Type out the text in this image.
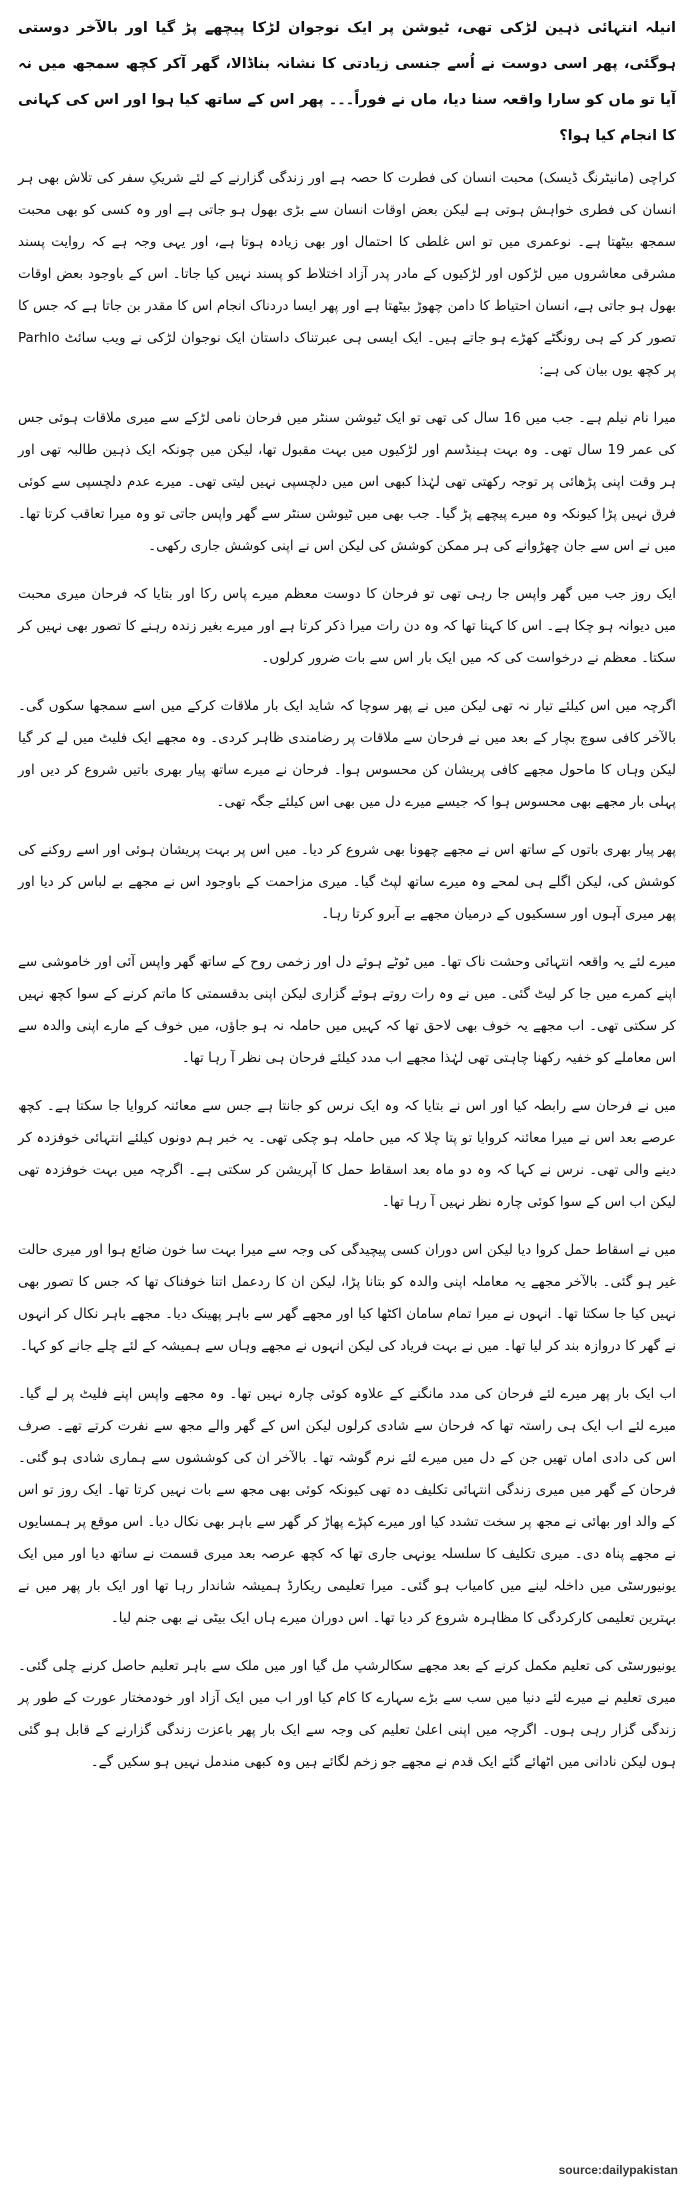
انیلہ انتہائی ذہین لڑکی تھی، ٹیوشن پر ایک نوجوان لڑکا پیچھے پڑ گیا اور بالآخر دوستی ہوگئی، پھر اسی دوست نے اُسے جنسی زیادتی کا نشانہ بناڈالا، گھر آکر کچھ سمجھ میں نہ آیا تو ماں کو سارا واقعہ سنا دیا، ماں نے فوراً۔۔۔ پھر اس کے ساتھ کیا ہوا اور اس کی کہانی کا انجام کیا ہوا؟

کراچی (مانیٹرنگ ڈیسک) محبت انسان کی فطرت کا حصہ ہے اور زندگی گزارنے کے لئے شریکِ سفر کی تلاش بھی ہر انسان کی فطری خواہش ہوتی ہے لیکن بعض اوقات انسان سے بڑی بھول ہو جاتی ہے اور وہ کسی کو بھی محبت سمجھ بیٹھتا ہے۔ نوعمری میں تو اس غلطی کا احتمال اور بھی زیادہ ہوتا ہے، اور یہی وجہ ہے کہ روایت پسند مشرقی معاشروں میں لڑکوں اور لڑکیوں کے مادر پدر آزاد اختلاط کو پسند نہیں کیا جاتا۔ اس کے باوجود بعض اوقات بھول ہو جاتی ہے، انسان احتیاط کا دامن چھوڑ بیٹھتا ہے اور پھر ایسا دردناک انجام اس کا مقدر بن جاتا ہے کہ جس کا تصور کر کے ہی رونگٹے کھڑے ہو جاتے ہیں۔ ایک ایسی ہی عبرتناک داستان ایک نوجوان لڑکی نے ویب سائٹ Parhlo پر کچھ یوں بیان کی ہے:

میرا نام نیلم ہے۔ جب میں 16 سال کی تھی تو ایک ٹیوشن سنٹر میں فرحان نامی لڑکے سے میری ملاقات ہوئی جس کی عمر 19 سال تھی۔ وہ بہت ہینڈسم اور لڑکیوں میں بہت مقبول تھا، لیکن میں چونکہ ایک ذہین طالبہ تھی اور ہر وقت اپنی پڑھائی پر توجہ رکھتی تھی لہٰذا کبھی اس میں دلچسپی نہیں لیتی تھی۔ میرے عدم دلچسپی سے کوئی فرق نہیں پڑا کیونکہ وہ میرے پیچھے پڑ گیا۔ جب بھی میں ٹیوشن سنٹر سے گھر واپس جاتی تو وہ میرا تعاقب کرتا تھا۔ میں نے اس سے جان چھڑوانے کی ہر ممکن کوشش کی لیکن اس نے اپنی کوشش جاری رکھی۔

ایک روز جب میں گھر واپس جا رہی تھی تو فرحان کا دوست معظم میرے پاس رکا اور بتایا کہ فرحان میری محبت میں دیوانہ ہو چکا ہے۔ اس کا کہنا تھا کہ وہ دن رات میرا ذکر کرتا ہے اور میرے بغیر زندہ رہنے کا تصور بھی نہیں کر سکتا۔ معظم نے درخواست کی کہ میں ایک بار اس سے بات ضرور کرلوں۔

اگرچہ میں اس کیلئے تیار نہ تھی لیکن میں نے پھر سوچا کہ شاید ایک بار ملاقات کرکے میں اسے سمجھا سکوں گی۔ بالآخر کافی سوچ بچار کے بعد میں نے فرحان سے ملاقات پر رضامندی ظاہر کردی۔ وہ مجھے ایک فلیٹ میں لے کر گیا لیکن وہاں کا ماحول مجھے کافی پریشان کن محسوس ہوا۔ فرحان نے میرے ساتھ پیار بھری باتیں شروع کر دیں اور پہلی بار مجھے بھی محسوس ہوا کہ جیسے میرے دل میں بھی اس کیلئے جگہ تھی۔

پھر پیار بھری باتوں کے ساتھ اس نے مجھے چھونا بھی شروع کر دیا۔ میں اس پر بہت پریشان ہوئی اور اسے روکنے کی کوشش کی، لیکن اگلے ہی لمحے وہ میرے ساتھ لپٹ گیا۔ میری مزاحمت کے باوجود اس نے مجھے بے لباس کر دیا اور پھر میری آہوں اور سسکیوں کے درمیان مجھے بے آبرو کرتا رہا۔

میرے لئے یہ واقعہ انتہائی وحشت ناک تھا۔ میں ٹوٹے ہوئے دل اور زخمی روح کے ساتھ گھر واپس آئی اور خاموشی سے اپنے کمرے میں جا کر لیٹ گئی۔ میں نے وہ رات روتے ہوئے گزاری لیکن اپنی بدقسمتی کا ماتم کرنے کے سوا کچھ نہیں کر سکتی تھی۔ اب مجھے یہ خوف بھی لاحق تھا کہ کہیں میں حاملہ نہ ہو جاؤں، میں خوف کے مارے اپنی والدہ سے اس معاملے کو خفیہ رکھنا چاہتی تھی لہٰذا مجھے اب مدد کیلئے فرحان ہی نظر آ رہا تھا۔

میں نے فرحان سے رابطہ کیا اور اس نے بتایا کہ وہ ایک نرس کو جانتا ہے جس سے معائنہ کروایا جا سکتا ہے۔ کچھ عرصے بعد اس نے میرا معائنہ کروایا تو پتا چلا کہ میں حاملہ ہو چکی تھی۔ یہ خبر ہم دونوں کیلئے انتہائی خوفزدہ کر دینے والی تھی۔ نرس نے کہا کہ وہ دو ماہ بعد اسقاط حمل کا آپریشن کر سکتی ہے۔ اگرچہ میں بہت خوفزدہ تھی لیکن اب اس کے سوا کوئی چارہ نظر نہیں آ رہا تھا۔

میں نے اسقاط حمل کروا دیا لیکن اس دوران کسی پیچیدگی کی وجہ سے میرا بہت سا خون ضائع ہوا اور میری حالت غیر ہو گئی۔ بالآخر مجھے یہ معاملہ اپنی والدہ کو بتانا پڑا، لیکن ان کا ردعمل اتنا خوفناک تھا کہ جس کا تصور بھی نہیں کیا جا سکتا تھا۔ انہوں نے میرا تمام سامان اکٹھا کیا اور مجھے گھر سے باہر پھینک دیا۔ مجھے باہر نکال کر انہوں نے گھر کا دروازہ بند کر لیا تھا۔ میں نے بہت فریاد کی لیکن انہوں نے مجھے وہاں سے ہمیشہ کے لئے چلے جانے کو کہا۔

اب ایک بار پھر میرے لئے فرحان کی مدد مانگنے کے علاوہ کوئی چارہ نہیں تھا۔ وہ مجھے واپس اپنے فلیٹ پر لے گیا۔ میرے لئے اب ایک ہی راستہ تھا کہ فرحان سے شادی کرلوں لیکن اس کے گھر والے مجھ سے نفرت کرتے تھے۔ صرف اس کی دادی اماں تھیں جن کے دل میں میرے لئے نرم گوشہ تھا۔ بالآخر ان کی کوششوں سے ہماری شادی ہو گئی۔ فرحان کے گھر میں میری زندگی انتہائی تکلیف دہ تھی کیونکہ کوئی بھی مجھ سے بات نہیں کرتا تھا۔ ایک روز تو اس کے والد اور بھائی نے مجھ پر سخت تشدد کیا اور میرے کپڑے پھاڑ کر گھر سے باہر بھی نکال دیا۔ اس موقع پر ہمسایوں نے مجھے پناہ دی۔ میری تکلیف کا سلسلہ یونہی جاری تھا کہ کچھ عرصہ بعد میری قسمت نے ساتھ دیا اور میں ایک یونیورسٹی میں داخلہ لینے میں کامیاب ہو گئی۔ میرا تعلیمی ریکارڈ ہمیشہ شاندار رہا تھا اور ایک بار پھر میں نے بہترین تعلیمی کارکردگی کا مظاہرہ شروع کر دیا تھا۔ اس دوران میرے ہاں ایک بیٹی نے بھی جنم لیا۔

یونیورسٹی کی تعلیم مکمل کرنے کے بعد مجھے سکالرشپ مل گیا اور میں ملک سے باہر تعلیم حاصل کرنے چلی گئی۔ میری تعلیم نے میرے لئے دنیا میں سب سے بڑے سہارے کا کام کیا اور اب میں ایک آزاد اور خودمختار عورت کے طور پر زندگی گزار رہی ہوں۔ اگرچہ میں اپنی اعلیٰ تعلیم کی وجہ سے ایک بار پھر باعزت زندگی گزارنے کے قابل ہو گئی ہوں لیکن نادانی میں اٹھائے گئے ایک قدم نے مجھے جو زخم لگائے ہیں وہ کبھی مندمل نہیں ہو سکیں گے۔

source:dailypakistan
